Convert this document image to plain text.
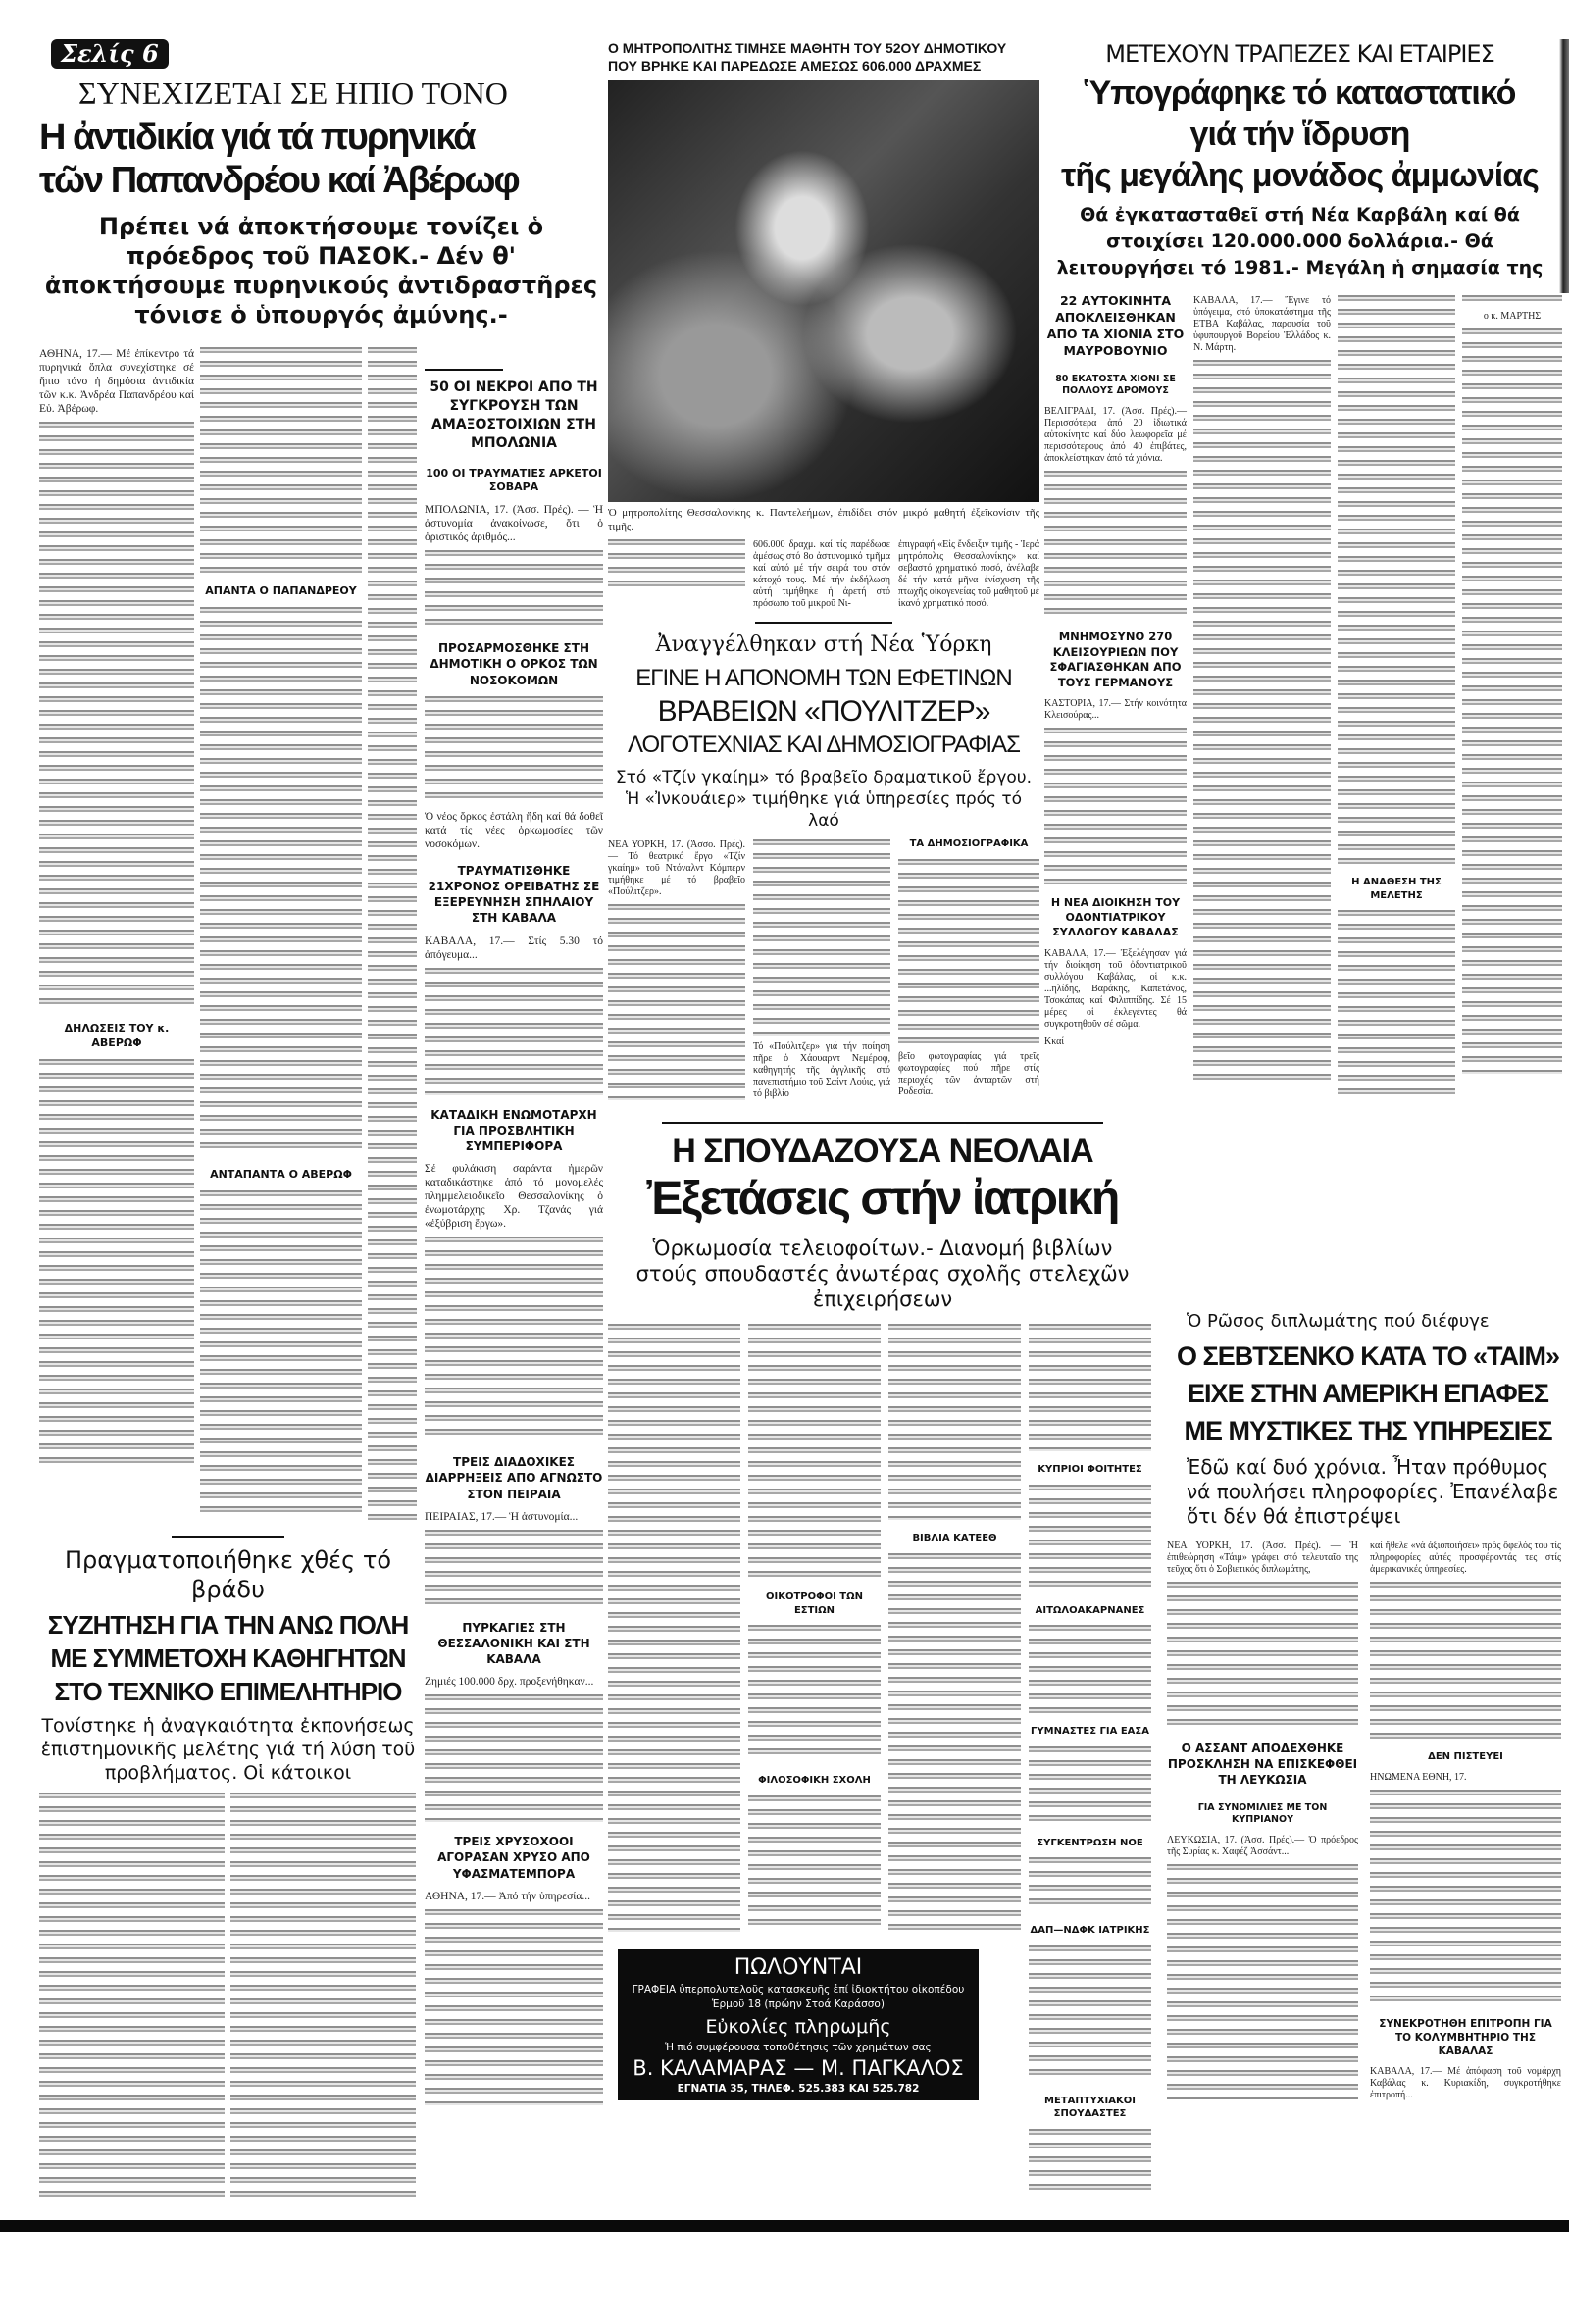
Σελίς 6
ΣΥΝΕΧΙΖΕΤΑΙ ΣΕ ΗΠΙΟ ΤΟΝΟ
Η ἀντιδικία γιά τά πυρηνικά
τῶν Παπανδρέου καί Ἀβέρωφ
Πρέπει νά ἀποκτήσουμε τονίζει ὁ πρόεδρος τοῦ ΠΑΣΟΚ.- Δέν θ' ἀποκτήσουμε πυρηνικούς ἀντιδραστῆρες τόνισε ὁ ὑπουργός ἀμύνης.-
ΑΘΗΝΑ, 17.— Μέ ἐπίκεντρο τά πυρηνικά ὅπλα συνεχίστηκε σέ ἤπιο τόνο ἡ δημόσια ἀντιδικία τῶν κ.κ. Ἀνδρέα Παπανδρέου καί Εὐ. Ἀβέρωφ.
ΔΗΛΩΣΕΙΣ ΤΟΥ κ. ΑΒΕΡΩΦ
ΑΠΑΝΤΑ Ο ΠΑΠΑΝΔΡΕΟΥ
ΑΝΤΑΠΑΝΤΑ Ο ΑΒΕΡΩΦ
Πραγματοποιήθηκε χθές τό βράδυ
ΣΥΖΗΤΗΣΗ ΓΙΑ ΤΗΝ ΑΝΩ ΠΟΛΗ
ΜΕ ΣΥΜΜΕΤΟΧΗ ΚΑΘΗΓΗΤΩΝ
ΣΤΟ ΤΕΧΝΙΚΟ ΕΠΙΜΕΛΗΤΗΡΙΟ
Τονίστηκε ἡ ἀναγκαιότητα ἐκπονήσεως ἐπιστημονικῆς μελέτης γιά τή λύση τοῦ προβλήματος. Οἱ κάτοικοι
50 ΟΙ ΝΕΚΡΟΙ ΑΠΟ ΤΗ ΣΥΓΚΡΟΥΣΗ ΤΩΝ ΑΜΑΞΟΣΤΟΙΧΙΩΝ ΣΤΗ ΜΠΟΛΩΝΙΑ
100 ΟΙ ΤΡΑΥΜΑΤΙΕΣ ΑΡΚΕΤΟΙ ΣΟΒΑΡΑ
ΜΠΟΛΩΝΙΑ, 17. (Ἀσσ. Πρές). — Ἡ ἀστυνομία ἀνακοίνωσε, ὅτι ὁ ὁριστικός ἀριθμός...
ΠΡΟΣΑΡΜΟΣΘΗΚΕ ΣΤΗ ΔΗΜΟΤΙΚΗ Ο ΟΡΚΟΣ ΤΩΝ ΝΟΣΟΚΟΜΩΝ
Ὁ νέος ὅρκος ἐστάλη ἤδη καί θά δοθεῖ κατά τίς νέες ὁρκωμοσίες τῶν νοσοκόμων.
ΤΡΑΥΜΑΤΙΣΘΗΚΕ 21ΧΡΟΝΟΣ ΟΡΕΙΒΑΤΗΣ ΣΕ ΕΞΕΡΕΥΝΗΣΗ ΣΠΗΛΑΙΟΥ ΣΤΗ ΚΑΒΑΛΑ
ΚΑΒΑΛΑ, 17.— Στίς 5.30 τό ἀπόγευμα...
ΚΑΤΑΔΙΚΗ ΕΝΩΜΟΤΑΡΧΗ ΓΙΑ ΠΡΟΣΒΛΗΤΙΚΗ ΣΥΜΠΕΡΙΦΟΡΑ
Σέ φυλάκιση σαράντα ἡμερῶν καταδικάστηκε ἀπό τό μονομελές πλημμελειοδικεῖο Θεσσαλονίκης ὁ ἐνωμοτάρχης Χρ. Τζανάς γιά «ἐξύβριση ἔργω».
ΤΡΕΙΣ ΔΙΑΔΟΧΙΚΕΣ ΔΙΑΡΡΗΞΕΙΣ ΑΠΟ ΑΓΝΩΣΤΟ ΣΤΟΝ ΠΕΙΡΑΙΑ
ΠΕΙΡΑΙΑΣ, 17.— Ἡ ἀστυνομία...
ΠΥΡΚΑΓΙΕΣ ΣΤΗ ΘΕΣΣΑΛΟΝΙΚΗ ΚΑΙ ΣΤΗ ΚΑΒΑΛΑ
Ζημιές 100.000 δρχ. προξενήθηκαν...
ΤΡΕΙΣ ΧΡΥΣΟΧΟΟΙ ΑΓΟΡΑΣΑΝ ΧΡΥΣΟ ΑΠΟ ΥΦΑΣΜΑΤΕΜΠΟΡΑ
ΑΘΗΝΑ, 17.— Ἀπό τήν ὑπηρεσία...
Ο ΜΗΤΡΟΠΟΛΙΤΗΣ ΤΙΜΗΣΕ ΜΑΘΗΤΗ ΤΟΥ 52ΟΥ ΔΗΜΟΤΙΚΟΥ
ΠΟΥ ΒΡΗΚΕ ΚΑΙ ΠΑΡΕΔΩΣΕ ΑΜΕΣΩΣ 606.000 ΔΡΑΧΜΕΣ
Ὁ μητροπολίτης Θεσσαλονίκης κ. Παντελεήμων, ἐπιδίδει στόν μικρό μαθητή ἐξεῖκονίσιν τῆς τιμῆς.
606.000 δραχμ. καί τίς παρέδωσε ἀμέσως στό 8ο ἀστυνομικό τμῆμα καί αὐτό μέ τήν σειρά του στόν κάτοχό τους. Μέ τήν ἐκδήλωση αὐτή τιμήθηκε ἡ ἀρετή στό πρόσωπο τοῦ μικροῦ Νι-
ἐπιγραφή «Εἰς ἔνδειξιν τιμῆς - Ἱερά μητρόπολις Θεσσαλονίκης» καί σεβαστό χρηματικό ποσό, ἀνέλαβε δέ τήν κατά μῆνα ἐνίσχυση τῆς πτωχῆς οἰκογενείας τοῦ μαθητοῦ μέ ἱκανό χρηματικό ποσό.
Ἀναγγέλθηκαν στή Νέα Ὑόρκη
ΕΓΙΝΕ Η ΑΠΟΝΟΜΗ ΤΩΝ ΕΦΕΤΙΝΩΝ
ΒΡΑΒΕΙΩΝ «ΠΟΥΛΙΤΖΕΡ»
ΛΟΓΟΤΕΧΝΙΑΣ ΚΑΙ ΔΗΜΟΣΙΟΓΡΑΦΙΑΣ
Στό «Τζίν γκαίημ» τό βραβεῖο δραματικοῦ ἔργου. Ἡ «Ἰνκουάιερ» τιμήθηκε γιά ὑπηρεσίες πρός τό λαό
ΝΕΑ ΥΟΡΚΗ, 17. (Ἀσσο. Πρές).— Τό θεατρικό ἔργο «Τζίν γκαίημ» τοῦ Ντόναλντ Κόμπερν τιμήθηκε μέ τό βραβεῖο «Πούλιτζερ».
Τό «Πούλιτζερ» γιά τήν ποίηση πῆρε ὁ Χάουαρντ Νεμέροφ, καθηγητής τῆς ἀγγλικῆς στό πανεπιστήμιο τοῦ Σαίντ Λούις, γιά τό βιβλίο
ΤΑ ΔΗΜΟΣΙΟΓΡΑΦΙΚΑ
βεῖο φωτογραφίας γιά τρεῖς φωτογραφίες πού πῆρε στίς περιοχές τῶν ἀνταρτῶν στή Ροδεσία.
ΜΕΤΕΧΟΥΝ ΤΡΑΠΕΖΕΣ ΚΑΙ ΕΤΑΙΡΙΕΣ
Ὑπογράφηκε τό καταστατικό
γιά τήν ἵδρυση
τῆς μεγάλης μονάδος ἀμμωνίας
Θά ἐγκατασταθεῖ στή Νέα Καρβάλη καί θά στοιχίσει 120.000.000 δολλάρια.- Θά λειτουργήσει τό 1981.- Μεγάλη ἡ σημασία της
22 ΑΥΤΟΚΙΝΗΤΑ ΑΠΟΚΛΕΙΣΘΗΚΑΝ ΑΠΟ ΤΑ ΧΙΟΝΙΑ ΣΤΟ ΜΑΥΡΟΒΟΥΝΙΟ
80 ΕΚΑΤΟΣΤΑ ΧΙΟΝΙ ΣΕ ΠΟΛΛΟΥΣ ΔΡΟΜΟΥΣ
ΒΕΛΙΓΡΑΔΙ, 17. (Ἀσσ. Πρές).— Περισσότερα ἀπό 20 ἰδιωτικά αὐτοκίνητα καί δύο λεωφορεῖα μέ περισσότερους ἀπό 40 ἐπιβάτες, ἀποκλείστηκαν ἀπό τά χιόνια.
ΜΝΗΜΟΣΥΝΟ 270 ΚΛΕΙΣΟΥΡΙΕΩΝ ΠΟΥ ΣΦΑΓΙΑΣΘΗΚΑΝ ΑΠΟ ΤΟΥΣ ΓΕΡΜΑΝΟΥΣ
ΚΑΣΤΟΡΙΑ, 17.— Στήν κοινότητα Κλεισούρας...
Η ΝΕΑ ΔΙΟΙΚΗΣΗ ΤΟΥ ΟΔΟΝΤΙΑΤΡΙΚΟΥ ΣΥΛΛΟΓΟΥ ΚΑΒΑΛΑΣ
ΚΑΒΑΛΑ, 17.— Ἐξελέγησαν γιά τήν διοίκηση τοῦ ὀδοντιατρικοῦ συλλόγου Καβάλας, οἱ κ.κ. ...ηλίδης, Βαράκης, Καπετάνος, Τσοκάπας καί Φιλιππίδης. Σέ 15 μέρες οἱ ἐκλεγέντες θά συγκροτηθοῦν σέ σῶμα.
Κκαί
ΚΑΒΑΛΑ, 17.— Ἔγινε τό ὑπόγειμα, στό ὑποκατάστημα τῆς ΕΤΒΑ Καβάλας, παρουσία τοῦ ὑφυπουργοῦ Βορείου Ἑλλάδος κ. Ν. Μάρτη.
Η ΑΝΑΘΕΣΗ ΤΗΣ ΜΕΛΕΤΗΣ
ο κ. ΜΑΡΤΗΣ
Η ΣΠΟΥΔΑΖΟΥΣΑ ΝΕΟΛΑΙΑ
Ἐξετάσεις στήν ἰατρική
Ὁρκωμοσία τελειοφοίτων.- Διανομή βιβλίων στούς σπουδαστές ἀνωτέρας σχολῆς στελεχῶν ἐπιχειρήσεων
ΟΙΚΟΤΡΟΦΟΙ ΤΩΝ ΕΣΤΙΩΝ
ΦΙΛΟΣΟΦΙΚΗ ΣΧΟΛΗ
ΒΙΒΛΙΑ ΚΑΤΕΕΘ
ΠΩΛΟΥΝΤΑΙ
ΓΡΑΦΕΙΑ ὑπερπολυτελοῦς κατασκευῆς ἐπί ἰδιοκτήτου οἰκοπέδου Ἑρμοῦ 18 (πρώην Στοά Καράσσο)
Εὐκολίες πληρωμῆς
Ἡ πιό συμφέρουσα τοποθέτησις τῶν χρημάτων σας
Β. ΚΑΛΑΜΑΡΑΣ — Μ. ΠΑΓΚΑΛΟΣ
ΕΓΝΑΤΙΑ 35, ΤΗΛΕΦ. 525.383 ΚΑΙ 525.782
ΚΥΠΡΙΟΙ ΦΟΙΤΗΤΕΣ
ΑΙΤΩΛΟΑΚΑΡΝΑΝΕΣ
ΓΥΜΝΑΣΤΕΣ ΓΙΑ ΕΑΣΑ
ΣΥΓΚΕΝΤΡΩΣΗ ΝΟΕ
ΔΑΠ—ΝΔΦΚ ΙΑΤΡΙΚΗΣ
ΜΕΤΑΠΤΥΧΙΑΚΟΙ ΣΠΟΥΔΑΣΤΕΣ
Ὁ Ρῶσος διπλωμάτης πού διέφυγε
Ο ΣΕΒΤΣΕΝΚΟ ΚΑΤΑ ΤΟ «ΤΑΙΜ»
ΕΙΧΕ ΣΤΗΝ ΑΜΕΡΙΚΗ ΕΠΑΦΕΣ
ΜΕ ΜΥΣΤΙΚΕΣ ΤΗΣ ΥΠΗΡΕΣΙΕΣ
Ἐδῶ καί δυό χρόνια. Ἦταν πρόθυμος νά πουλήσει πληροφορίες. Ἐπανέλαβε ὅτι δέν θά ἐπιστρέψει
ΝΕΑ ΥΟΡΚΗ, 17. (Ἀσσ. Πρές). — Ἡ ἐπιθεώρηση «Τάιμ» γράφει στό τελευταῖο της τεῦχος ὅτι ὁ Σοβιετικός διπλωμάτης,
Ο ΑΣΣΑΝΤ ΑΠΟΔΕΧΘΗΚΕ ΠΡΟΣΚΛΗΣΗ ΝΑ ΕΠΙΣΚΕΦΘΕΙ ΤΗ ΛΕΥΚΩΣΙΑ
ΓΙΑ ΣΥΝΟΜΙΛΙΕΣ ΜΕ ΤΟΝ ΚΥΠΡΙΑΝΟΥ
ΛΕΥΚΩΣΙΑ, 17. (Ἀσσ. Πρές).— Ὁ πρόεδρος τῆς Συρίας κ. Χαφέζ Ἀσσάντ...
καί ἤθελε «νά ἀξιοποιήσει» πρός ὄφελός του τίς πληροφορίες αὐτές προσφέροντάς τες στίς ἀμερικανικές ὑπηρεσίες.
ΔΕΝ ΠΙΣΤΕΥΕΙ
ΗΝΩΜΕΝΑ ΕΘΝΗ, 17.
ΣΥΝΕΚΡΟΤΗΘΗ ΕΠΙΤΡΟΠΗ ΓΙΑ ΤΟ ΚΟΛΥΜΒΗΤΗΡΙΟ ΤΗΣ ΚΑΒΑΛΑΣ
ΚΑΒΑΛΑ, 17.— Μέ ἀπόφαση τοῦ νομάρχη Καβάλας κ. Κυριακίδη, συγκροτήθηκε ἐπιτροπή...
